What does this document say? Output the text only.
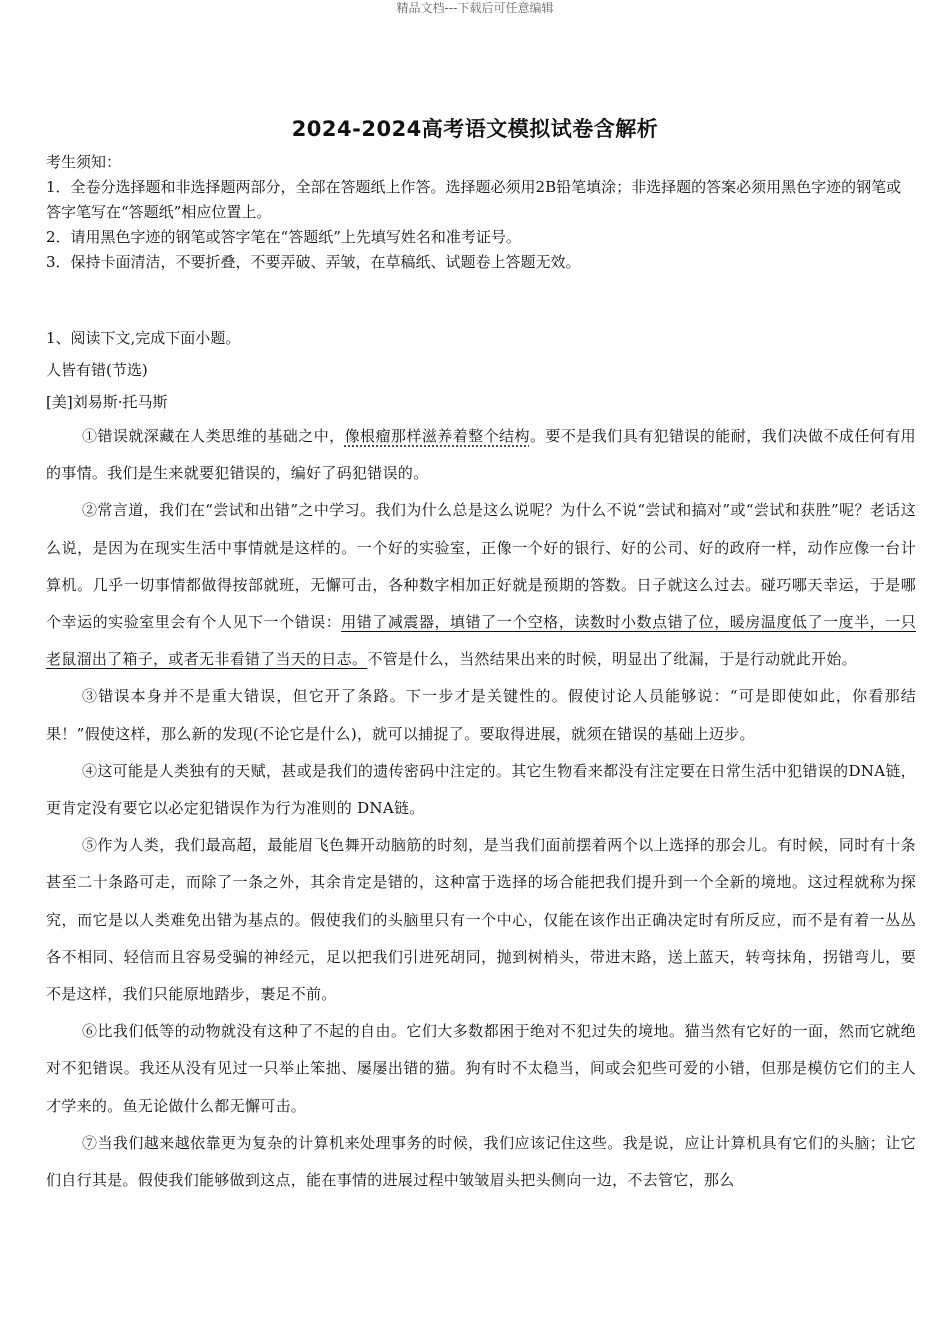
精品文档---下载后可任意编辑
2024-2024高考语文模拟试卷含解析

考生须知：

1．全卷分选择题和非选择题两部分，全部在答题纸上作答。选择题必须用2B铅笔填涂；非选择题的答案必须用黑色字迹的钢笔或答字笔写在“答题纸”相应位置上。

2．请用黑色字迹的钢笔或答字笔在“答题纸”上先填写姓名和准考证号。

3．保持卡面清洁，不要折叠，不要弄破、弄皱，在草稿纸、试题卷上答题无效。

1、阅读下文,完成下面小题。

人皆有错(节选)

[美]刘易斯·托马斯

①错误就深藏在人类思维的基础之中，像根瘤那样滋养着整个结构。要不是我们具有犯错误的能耐，我们决做不成任何有用的事情。我们是生来就要犯错误的，编好了码犯错误的。

②常言道，我们在“尝试和出错”之中学习。我们为什么总是这么说呢？为什么不说“尝试和搞对”或“尝试和获胜”呢？老话这么说，是因为在现实生活中事情就是这样的。一个好的实验室，正像一个好的银行、好的公司、好的政府一样，动作应像一台计算机。几乎一切事情都做得按部就班，无懈可击，各种数字相加正好就是预期的答数。日子就这么过去。碰巧哪天幸运，于是哪个幸运的实验室里会有个人见下一个错误：用错了减震器，填错了一个空格，读数时小数点错了位，暖房温度低了一度半，一只老鼠溜出了箱子，或者无非看错了当天的日志。不管是什么，当然结果出来的时候，明显出了纰漏，于是行动就此开始。

③错误本身并不是重大错误，但它开了条路。下一步才是关键性的。假使讨论人员能够说：“可是即使如此，你看那结果！”假使这样，那么新的发现(不论它是什么)，就可以捕捉了。要取得进展，就须在错误的基础上迈步。

④这可能是人类独有的天赋，甚或是我们的遗传密码中注定的。其它生物看来都没有注定要在日常生活中犯错误的DNA链，更肯定没有要它以必定犯错误作为行为准则的 DNA链。

⑤作为人类，我们最高超，最能眉飞色舞开动脑筋的时刻，是当我们面前摆着两个以上选择的那会儿。有时候，同时有十条甚至二十条路可走，而除了一条之外，其余肯定是错的，这种富于选择的场合能把我们提升到一个全新的境地。这过程就称为探究，而它是以人类难免出错为基点的。假使我们的头脑里只有一个中心，仅能在该作出正确决定时有所反应，而不是有着一丛丛各不相同、轻信而且容易受骗的神经元，足以把我们引进死胡同，抛到树梢头，带进末路，送上蓝天，转弯抹角，拐错弯儿，要不是这样，我们只能原地踏步，裹足不前。

⑥比我们低等的动物就没有这种了不起的自由。它们大多数都困于绝对不犯过失的境地。猫当然有它好的一面，然而它就绝对不犯错误。我还从没有见过一只举止笨拙、屡屡出错的猫。狗有时不太稳当，间或会犯些可爱的小错，但那是模仿它们的主人才学来的。鱼无论做什么都无懈可击。

⑦当我们越来越依靠更为复杂的计算机来处理事务的时候，我们应该记住这些。我是说，应让计算机具有它们的头脑；让它们自行其是。假使我们能够做到这点，能在事情的进展过程中皱皱眉头把头侧向一边，不去管它，那么
